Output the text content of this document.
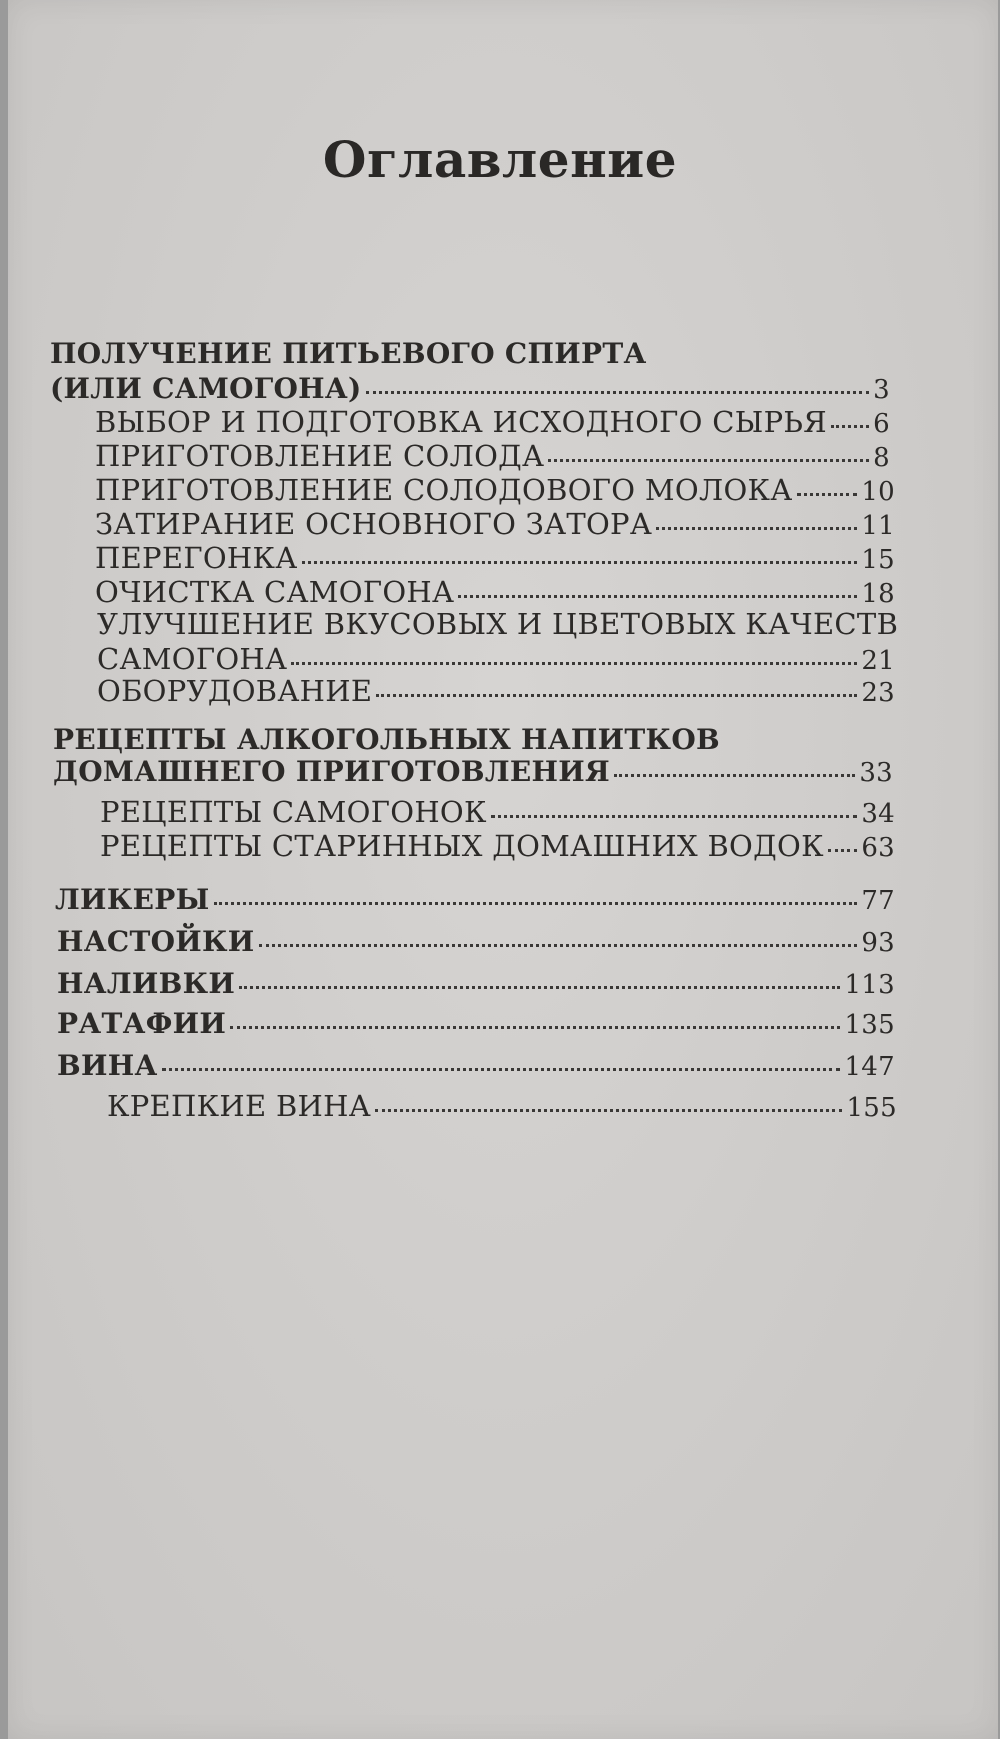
Оглавление
ПОЛУЧЕНИЕ ПИТЬЕВОГО СПИРТА
(ИЛИ САМОГОНА)	3
ВЫБОР И ПОДГОТОВКА ИСХОДНОГО СЫРЬЯ 6
ПРИГОТОВЛЕНИЕ СОЛОДА	8
ПРИГОТОВЛЕНИЕ СОЛОДОВОГО МОЛОКА	10
ЗАТИРАНИЕ ОСНОВНОГО ЗАТОРА	11
ПЕРЕГОНКА	15
ОЧИСТКА САМОГОНА	18
УЛУЧШЕНИЕ ВКУСОВЫХ И ЦВЕТОВЫХ КАЧЕСТВ
САМОГОНА	21
ОБОРУДОВАНИЕ	23
РЕЦЕПТЫ АЛКОГОЛЬНЫХ НАПИТКОВ
ДОМАШНЕГО ПРИГОТОВЛЕНИЯ	33
РЕЦЕПТЫ САМОГОНОК	34
РЕЦЕПТЫ СТАРИННЫХ ДОМАШНИХ ВОДОК 63
ЛИКЕРЫ	77
НАСТОЙКИ	93
НАЛИВКИ	113
РАТАФИИ	135
ВИНА	147
КРЕПКИЕ ВИНА	155
